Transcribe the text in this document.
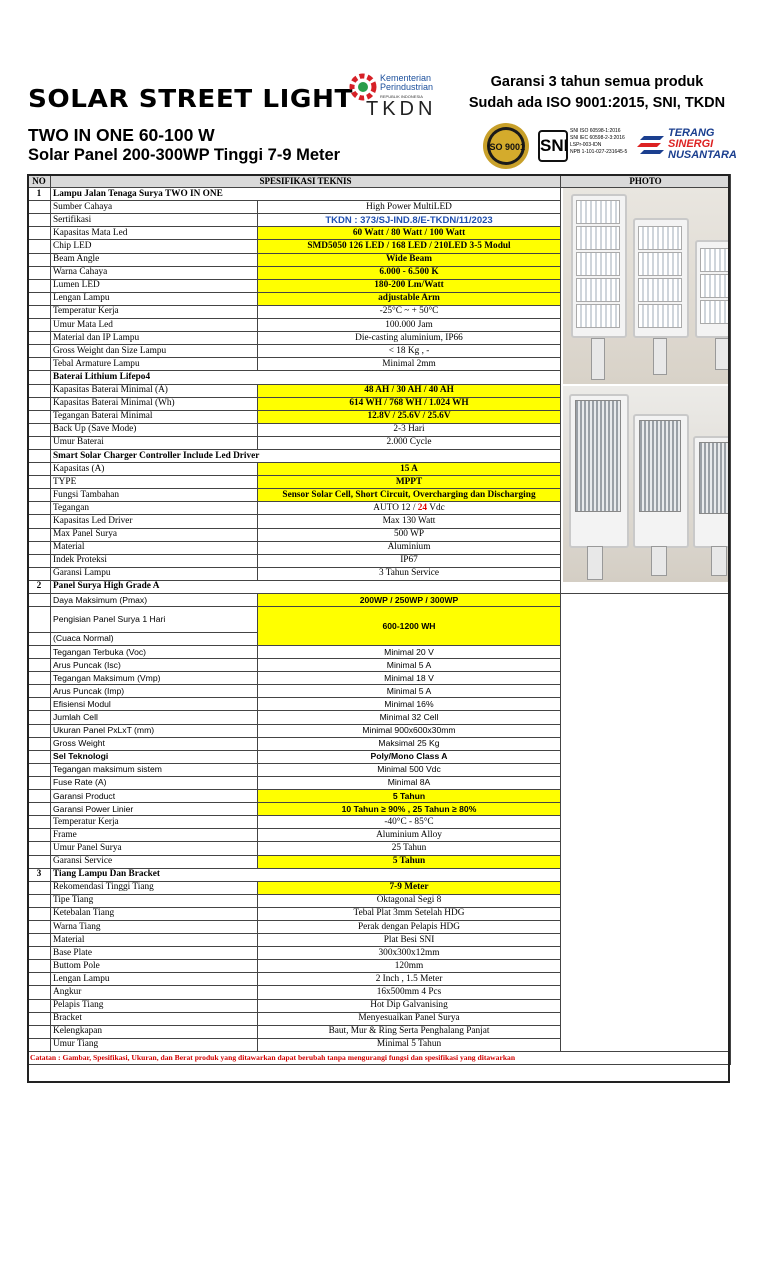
SOLAR STREET LIGHT
Kementerian Perindustrian
REPUBLIK INDONESIA
TKDN
Garansi 3 tahun semua produk
Sudah ada ISO 9001:2015, SNI, TKDN
TWO IN ONE 60-100 W
Solar Panel 200-300WP Tinggi 7-9 Meter	ISO 9001 SNI
SNI ISO 60598-1:2016
SNI IEC 60598-2-3:2016
LSPr-003-IDN
NPB 1-101-027-231645-5
TERANG
SINERGI
NUSANTARA
NO	SPESIFIKASI TEKNIS		PHOTO	
1	Lampu Jalan Tenaga Surya TWO IN ONE			

	Sumber Cahaya	High Power MultiLED		
	Sertifikasi	TKDN : 373/SJ-IND.8/E-TKDN/11/2023		
	Kapasitas Mata Led	60 Watt / 80 Watt / 100 Watt		
	Chip LED	SMD5050 126 LED / 168 LED / 210LED 3-5 Modul		
	Beam Angle	Wide Beam		
	Warna Cahaya	6.000 - 6.500 K		
	Lumen LED	180-200 Lm/Watt		
	Lengan Lampu	adjustable Arm		
	Temperatur Kerja	-25°C ~ + 50°C		
	Umur Mata Led	100.000 Jam		
	Material dan IP Lampu	Die-casting aluminium, IP66		
	Gross Weight dan Size Lampu	< 18 Kg , -		
	Tebal Armature Lampu	Minimal 2mm		
	Baterai Lithium Lifepo4			
	Kapasitas Baterai Minimal (A)	48 AH / 30 AH / 40 AH		
	Kapasitas Baterai Minimal (Wh)	614 WH / 768 WH / 1.024 WH		
	Tegangan Baterai Minimal	12.8V / 25.6V / 25.6V		
	Back Up (Save Mode)	2-3 Hari		
	Umur Baterai	2.000 Cycle		
	Smart Solar Charger Controller Include Led Driver			
	Kapasitas (A)	15 A		
	TYPE	MPPT		
	Fungsi Tambahan	Sensor Solar Cell, Short Circuit, Overcharging dan Discharging		
	Tegangan	AUTO 12 / 24 Vdc		
	Kapasitas Led Driver	Max 130 Watt		
	Max Panel Surya	500 WP		
	Material	Aluminium		
	Indek Proteksi	IP67		
	Garansi Lampu	3 Tahun Service		
2	Panel Surya High Grade A	

	Daya Maksimum (Pmax)	200WP / 250WP / 300WP		
	Pengisian Panel Surya 1 Hari	600-1200 WH		
	(Cuaca Normal)			
	Tegangan Terbuka (Voc)	Minimal 20 V		
	Arus Puncak (Isc)	Minimal 5 A		
	Tegangan Maksimum (Vmp)	Minimal 18 V		
	Arus Puncak (Imp)	Minimal 5 A		
	Efisiensi Modul	Minimal 16%		
	Jumlah Cell	Minimal 32 Cell		
	Ukuran Panel PxLxT (mm)	Minimal 900x600x30mm		
	Gross Weight	Maksimal 25 Kg		
	Sel Teknologi	Poly/Mono Class A		
	Tegangan maksimum sistem	Minimal 500 Vdc		
	Fuse Rate (A)	Minimal 8A		
	Garansi Product	5 Tahun		
	Garansi Power Linier	10 Tahun ≥ 90% , 25 Tahun ≥ 80%		
	Temperatur Kerja	-40°C - 85°C		
	Frame	Aluminium Alloy		
	Umur Panel Surya	25 Tahun		
	Garansi Service	5 Tahun		
3	Tiang Lampu Dan Bracket			
	Rekomendasi Tinggi Tiang	7-9 Meter		
	Tipe Tiang	Oktagonal Segi 8		
	Ketebalan Tiang	Tebal Plat 3mm Setelah HDG		
	Warna Tiang	Perak dengan Pelapis HDG		
	Material	Plat Besi SNI		
	Base Plate	300x300x12mm		
	Buttom Pole	120mm		
	Lengan Lampu	2 Inch , 1.5 Meter		
	Angkur	16x500mm 4 Pcs		
	Pelapis Tiang	Hot Dip Galvanising		
	Bracket	Menyesuaikan Panel Surya		
	Kelengkapan	Baut, Mur & Ring Serta Penghalang Panjat		
	Umur Tiang	Minimal 5 Tahun		
Catatan : Gambar, Spesifikasi, Ukuran, dan Berat produk yang ditawarkan dapat berubah tanpa mengurangi fungsi dan spesifikasi yang ditawarkan				
